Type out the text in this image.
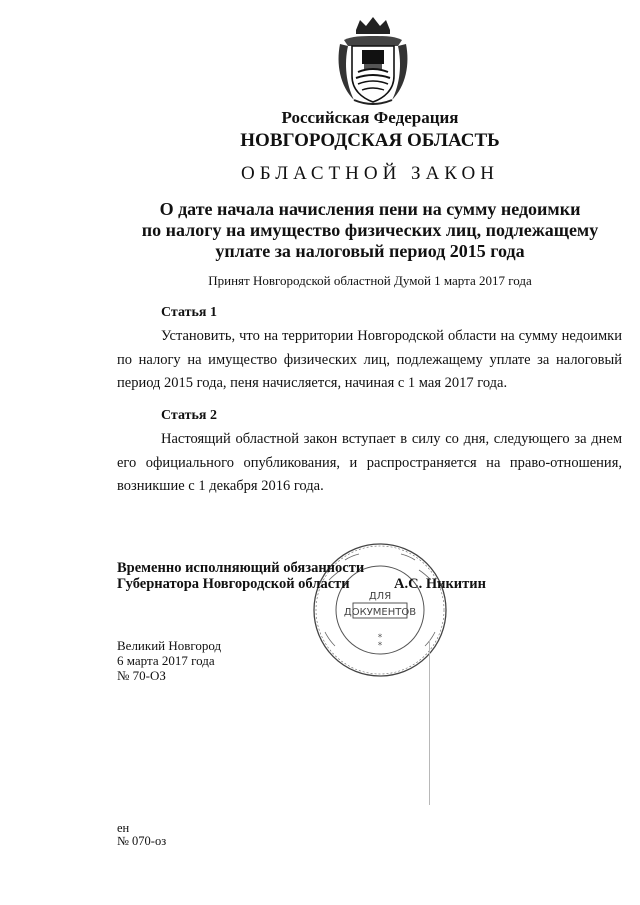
Российская Федерация
НОВГОРОДСКАЯ ОБЛАСТЬ
ОБЛАСТНОЙ ЗАКОН
О дате начала начисления пени на сумму недоимки
по налогу на имущество физических лиц, подлежащему
уплате за налоговый период 2015 года
Принят Новгородской областной Думой 1 марта 2017 года
Статья 1

Установить, что на территории Новгородской области на сумму недоимки по налогу на имущество физических лиц, подлежащему уплате за налоговый период 2015 года, пеня начисляется, начиная с 1 мая 2017 года.

Статья 2

Настоящий областной закон вступает в силу со дня, следующего за днем его официального опубликования, и распространяется на право-отношения, возникшие с 1 декабря 2016 года.

ДЛЯ
ДОКУМЕНТОВ
*
*
Временно исполняющий обязанности
Губернатора Новгородской области	А.С. Никитин
Великий Новгород
6 марта 2017 года
№ 70-ОЗ
ен
№ 070-оз
